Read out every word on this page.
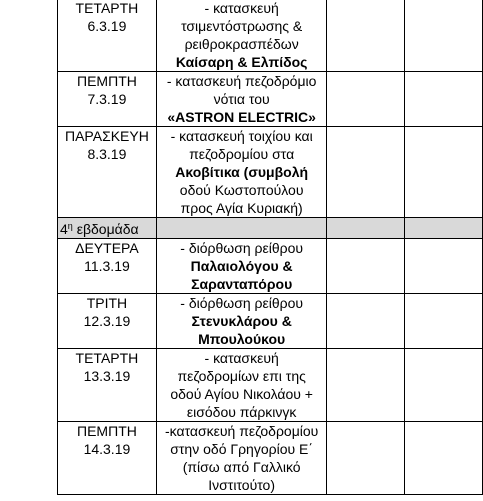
ΤΕΤΑΡΤΗ
6.3.19	- κατασκευή
τσιμεντόστρωσης &
ρειθροκρασπέδων
Καίσαρη & Ελπίδος		

ΠΕΜΠΤΗ
7.3.19	- κατασκευή πεζοδρόμιο
νότια του
«ASTRON ELECTRIC»		

ΠΑΡΑΣΚΕΥΗ
8.3.19	- κατασκευή τοιχίου και
πεζοδρομίου στα
Ακοβίτικα (συμβολή
οδού Κωστοπούλου
προς Αγία Κυριακή)		

$4^\eta$ εβδομάδα			

ΔΕΥΤΕΡΑ
11.3.19	- διόρθωση ρείθρου
Παλαιολόγου &
Σαρανταπόρου		

ΤΡΙΤΗ
12.3.19	- διόρθωση ρείθρου
Στενυκλάρου &
Μπουλούκου		

ΤΕΤΑΡΤΗ
13.3.19	- κατασκευή
πεζοδρομίων επι της
οδού Αγίου Νικολάου +
εισόδου πάρκινγκ		

ΠΕΜΠΤΗ
14.3.19	-κατασκευή πεζοδρομίου
στην οδό Γρηγορίου Ε΄
(πίσω από Γαλλικό
Ινστιτούτο)		
